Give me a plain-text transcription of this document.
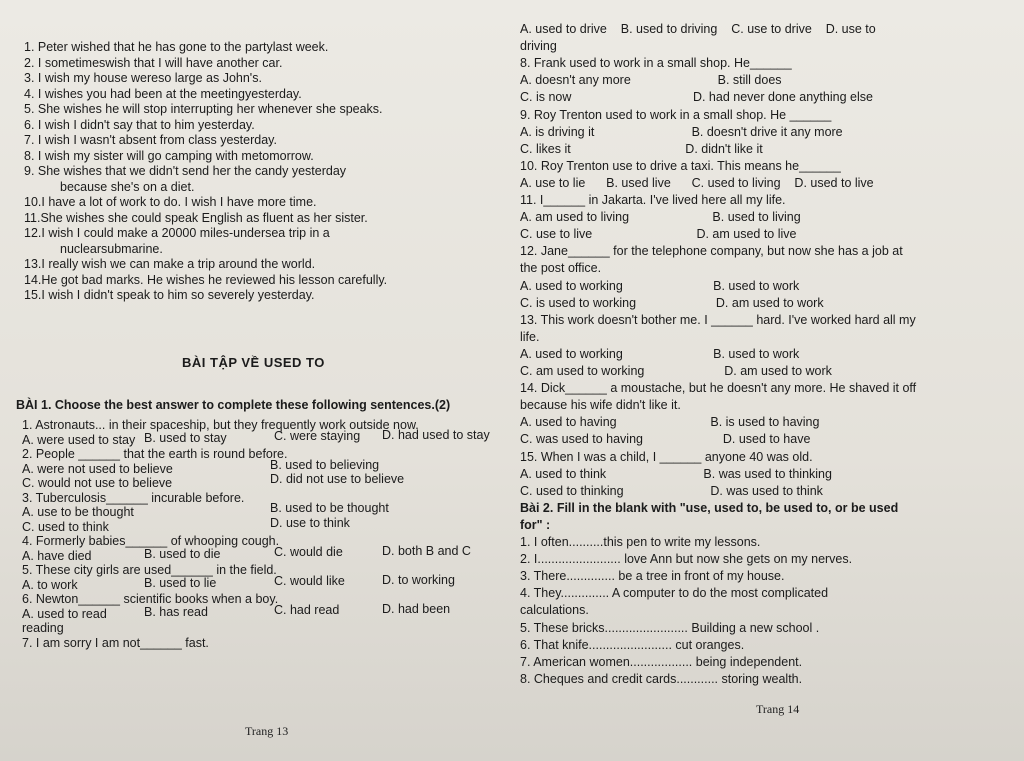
1. Peter wished that he has gone to the partylast week.
2. I sometimeswish that I will have another car.
3. I wish my house wereso large as John's.
4. I wishes you had been at the meetingyesterday.
5. She wishes he will stop interrupting her whenever she speaks.
6. I wish I didn't say that to him yesterday.
7. I wish I wasn't absent from class yesterday.
8. I wish my sister will go camping with metomorrow.
9. She wishes that we didn't send her the candy yesterday
because she's on a diet.
10.I have a lot of work to do. I wish I have more time.
11.She wishes she could speak English as fluent as her sister.
12.I wish I could make a 20000 miles-undersea trip in a
nuclearsubmarine.
13.I really wish we can make a trip around the world.
14.He got bad marks. He wishes he reviewed his lesson carefully.
15.I wish I didn't speak to him so severely yesterday.
BÀI TẬP VỀ USED TO
BÀI 1. Choose the best answer to complete these following sentences.(2)
1. Astronauts... in their spaceship, but they frequently work outside now.
A. were used to stay B. used to stay	C. were staying D. had used to stay
2. People ______ that the earth is round before.
A. were not used to believe	B. used to believing
C. would not use to believe	D. did not use to believe
3. Tuberculosis______ incurable before.
A. use to be thought	B. used to be thought
C. used to think	D. use to think
4. Formerly babies______ of whooping cough.
A. have died	B. used to die	C. would die	D. both B and C
5. These city girls are used______ in the field.
A. to work	B. used to lie	C. would like	D. to working
6. Newton______ scientific books when a boy.
A. used to read	B. has read	C. had read	D. had been
reading
7. I am sorry I am not______ fast.
A. used to drive    B. used to driving    C. use to drive    D. use to
driving
8. Frank used to work in a small shop. He______
A. doesn't any more                         B. still does
C. is now                                   D. had never done anything else
9. Roy Trenton used to work in a small shop. He ______
A. is driving it                            B. doesn't drive it any more
C. likes it                                 D. didn't like it
10. Roy Trenton use to drive a taxi. This means he______
A. use to lie      B. used live      C. used to living    D. used to live
11. I______ in Jakarta. I've lived here all my life.
A. am used to living                        B. used to living
C. use to live                              D. am used to live
12. Jane______ for the telephone company, but now she has a job at
the post office.
A. used to working                          B. used to work
C. is used to working                       D. am used to work
13. This work doesn't bother me. I ______ hard. I've worked hard all my
life.
A. used to working                          B. used to work
C. am used to working                       D. am used to work
14. Dick______ a moustache, but he doesn't any more. He shaved it off
because his wife didn't like it.
A. used to having                           B. is used to having
C. was used to having                       D. used to have
15. When I was a child, I ______ anyone 40 was old.
A. used to think                            B. was used to thinking
C. used to thinking                         D. was used to think
Bài 2. Fill in the blank with "use, used to, be used to, or be used
for" :
1. I often..........this pen to write my lessons.
2. I........................ love Ann but now she gets on my nerves.
3. There.............. be a tree in front of my house.
4. They.............. A computer to do the most complicated
calculations.
5. These bricks........................ Building a new school .
6. That knife........................ cut oranges.
7. American women.................. being independent.
8. Cheques and credit cards............ storing wealth.
Trang 13
Trang 14
